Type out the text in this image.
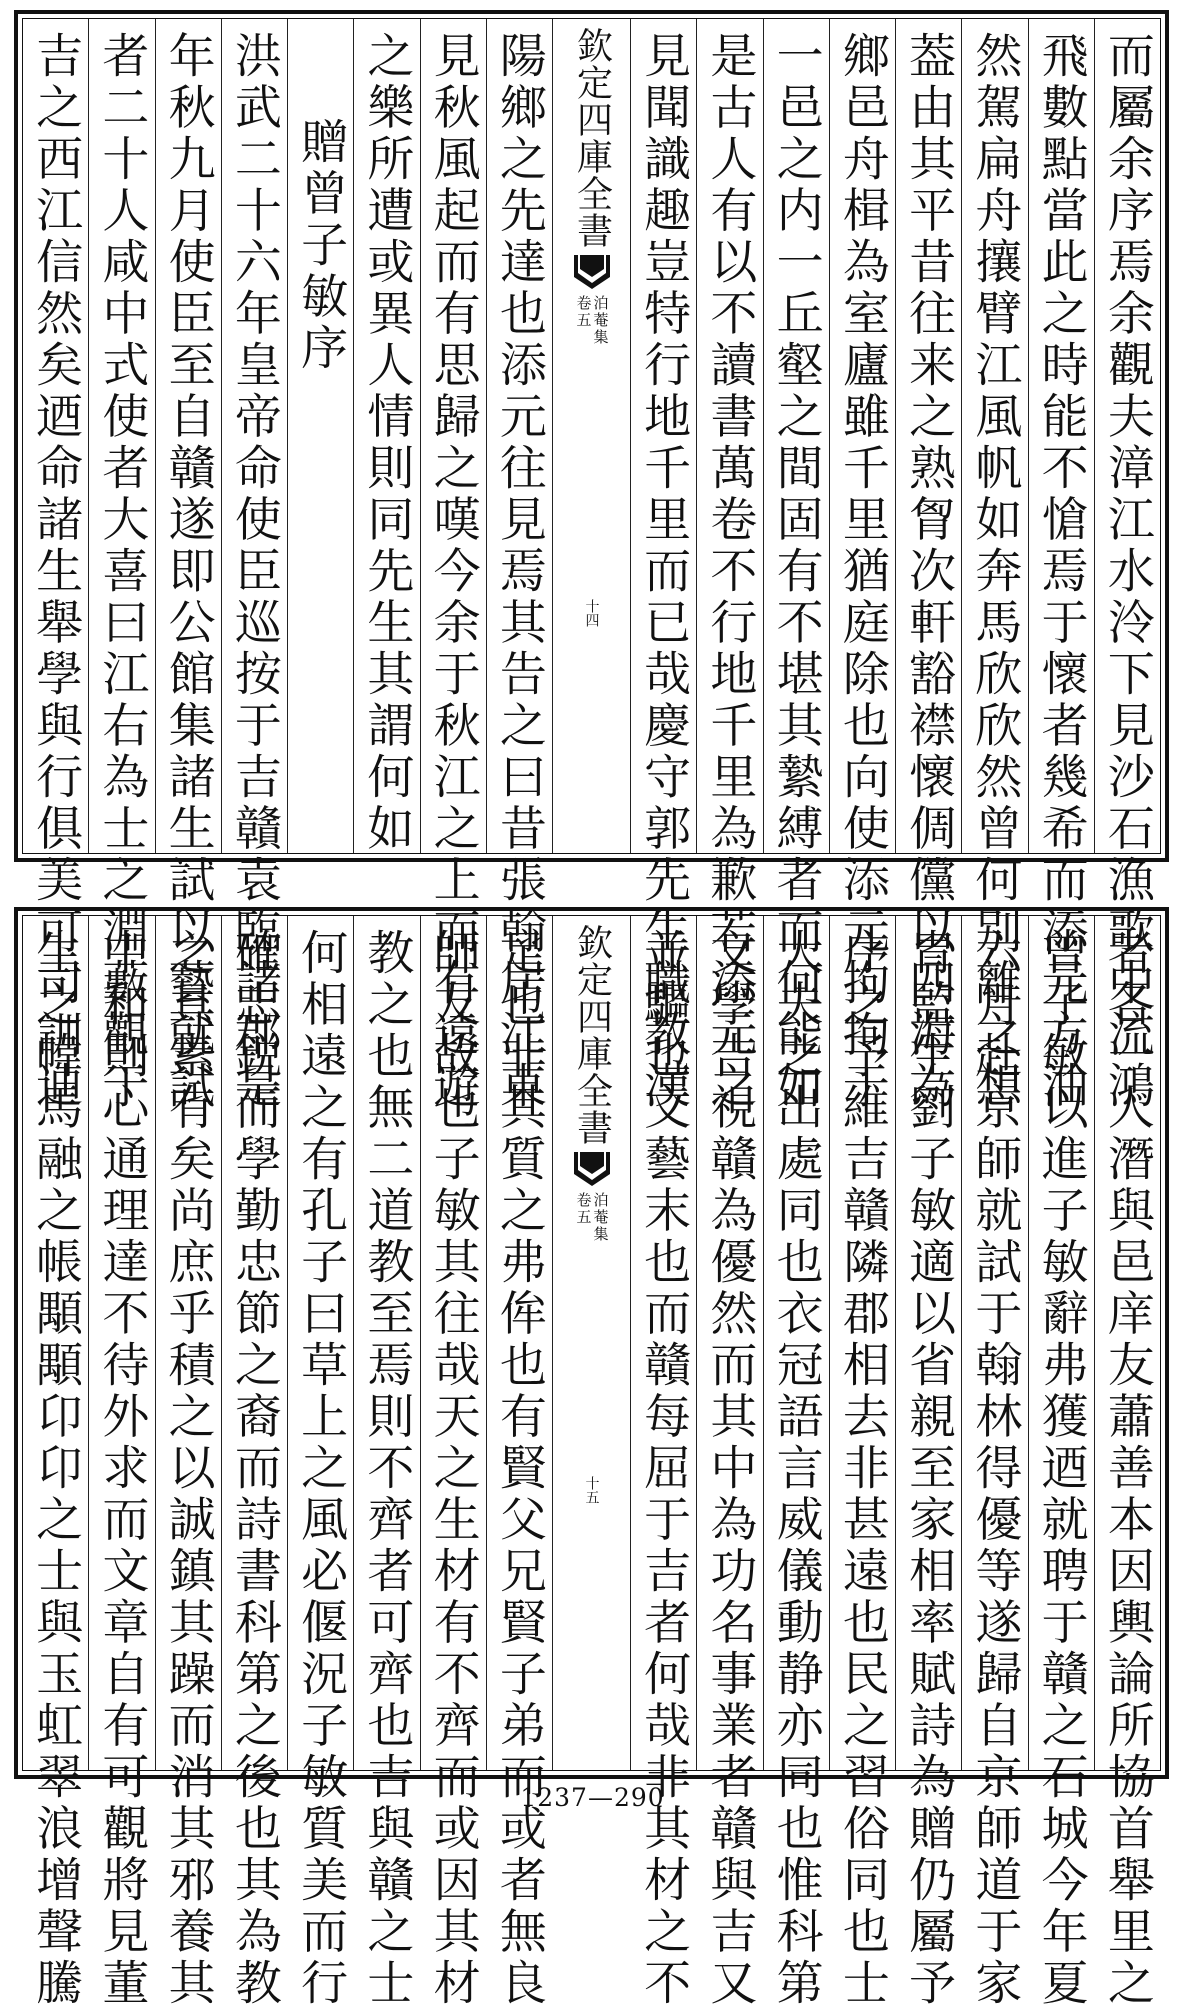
而屬余序焉余觀夫漳江水泠下見沙石漁歌中流鴻
飛數點當此之時能不愴焉于懷者幾希而添元方油
然駕扁舟攘臂江風帆如奔馬欣欣然曾何别離之想
葢由其平昔往来之熟胷次軒豁襟懷倜儻以四海為
鄉邑舟楫為室廬雖千里猶庭除也向使添元拘拘于
一邑之内一丘壑之間固有不堪其縶縛者而何能如
是古人有以不讀書萬卷不行地千里為歉若添元之
見聞識趣豈特行地千里而已哉慶守郭先生職教漢
欽定四庫全書
泊菴集
卷五
十四
陽鄉之先達也添元往見焉其告之曰昔張翰居江東
見秋風起而有思歸之嘆今余于秋江之上而有遠遊
之樂所遭或異人情則同先生其謂何如
贈曾子敏序
洪武二十六年皇帝命使臣巡按于吉贛袁臨諸郡是
年秋九月使臣至自贛遂即公館集諸生試以藝就試
者二十人咸中式使者大喜曰江右為士之淵藪觀于
吉之西江信然矣迺命諸生舉學與行俱美可司訓迪
者各一人潛與邑庠友蕭善本因輿論所協首舉里之
曾子敏以進子敏辭弗獲迺就聘于贛之石城今年夏
六月赴京師就試于翰林得優等遂歸自京師道于家
冑監生劉子敏適以省親至家相率賦詩為贈仍屬予
序之予維吉贛隣郡相去非甚遠也民之習俗同也士
大夫之出處同也衣冠語言威儀動静亦同也惟科第
文學吉視贛為優然而其中為功名事業者贛與吉又
並驅也文藝末也而贛每屈于吉者何哉非其材之不
欽定四庫全書
泊菴集
卷五
十五
足也非其質之弗侔也有賢父兄賢子弟而或者無良
師友故也子敏其往哉天之生材有不齊而或因其材
教之也無二道教至焉則不齊者可齊也吉與贛之士
何相遠之有孔子曰草上之風必偃況子敏質美而行
確志鋭而學勤忠節之裔而詩書科第之後也其為教
之具素有矣尚庶乎積之以誠鎮其躁而消其邪養其
中和則心通理達不待外求而文章自有可觀將見董
生之幃馬融之帳顒顒卬卬之士與玉虹翠浪增聲騰	1237—290
